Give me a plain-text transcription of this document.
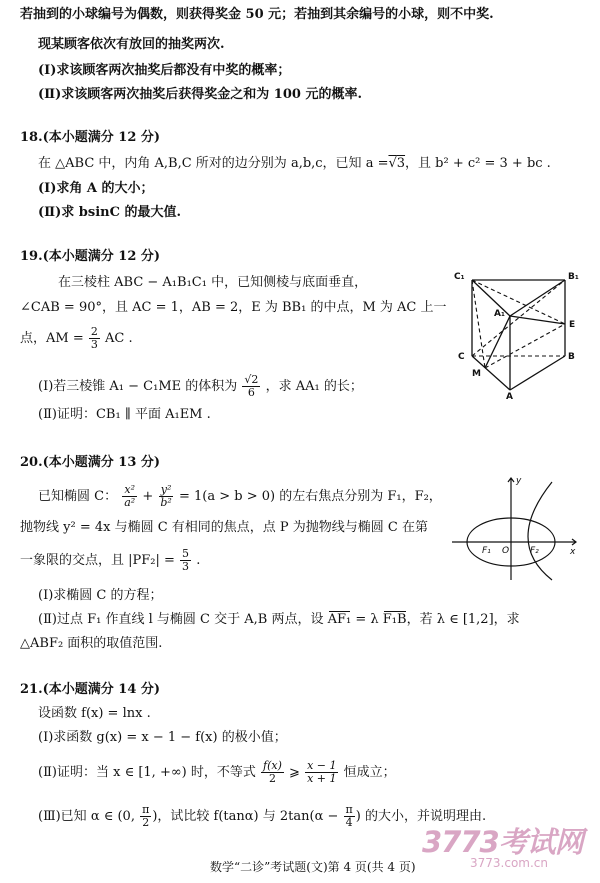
若抽到的小球编号为偶数，则获得奖金 50 元；若抽到其余编号的小球，则不中奖.
现某顾客依次有放回的抽奖两次.
(Ⅰ)求该顾客两次抽奖后都没有中奖的概率；
(Ⅱ)求该顾客两次抽奖后获得奖金之和为 100 元的概率.
18.(本小题满分 12 分)
在 △ABC 中，内角 A,B,C 所对的边分别为 a,b,c，已知 a =√3，且 b² + c² = 3 + bc .
(Ⅰ)求角 A 的大小；
(Ⅱ)求 bsinC 的最大值.
19.(本小题满分 12 分)
在三棱柱 ABC − A₁B₁C₁ 中，已知侧棱与底面垂直，
∠CAB = 90°，且 AC = 1，AB = 2，E 为 BB₁ 的中点，M 为 AC 上一
点，AM = $\frac{2}{3}$ AC .
(Ⅰ)若三棱锥 A₁ − C₁ME 的体积为 $\frac{√2}{6}$ ，求 AA₁ 的长；
(Ⅱ)证明：CB₁ ∥ 平面 A₁EM .
C₁	B₁
A₁
E
C	B
M
A
20.(本小题满分 13 分)
已知椭圆 C： $\frac{\text{x²}}{\text{a²}} + \frac{\text{y²}}{\text{b²}} = 1(a > b > 0)$ 的左右焦点分别为 F₁，F₂，
抛物线 y² = 4x 与椭圆 C 有相同的焦点，点 P 为抛物线与椭圆 C 在第
一象限的交点，且 $|PF_2| = \frac{5}{3}$ .
(Ⅰ)求椭圆 C 的方程；
(Ⅱ)过点 F₁ 作直线 l 与椭圆 C 交于 A,B 两点，设 AF₁ = λ F₁B，若 λ ∈ [1,2]，求
△ABF₂ 面积的取值范围.
y
x
O
F₁	F₂
21.(本小题满分 14 分)
设函数 f(x) = lnx .
(Ⅰ)求函数 g(x) = x − 1 − f(x) 的极小值；
(Ⅱ)证明：当 x ∈ [1, +∞) 时，不等式 $\frac{f(x)}{2}$ ⩾ $\frac{x - 1}{x + 1}$ 恒成立；
(Ⅲ)已知 α ∈ (0, $\frac{\pi}{2}$ )，试比较 f(tanα) 与 $2\tan(\alpha - \frac{\pi}{4}$ ) 的大小，并说明理由.
数学“二诊”考试题(文)第 4 页(共 4 页)
3773考试网
3773.com.cn
